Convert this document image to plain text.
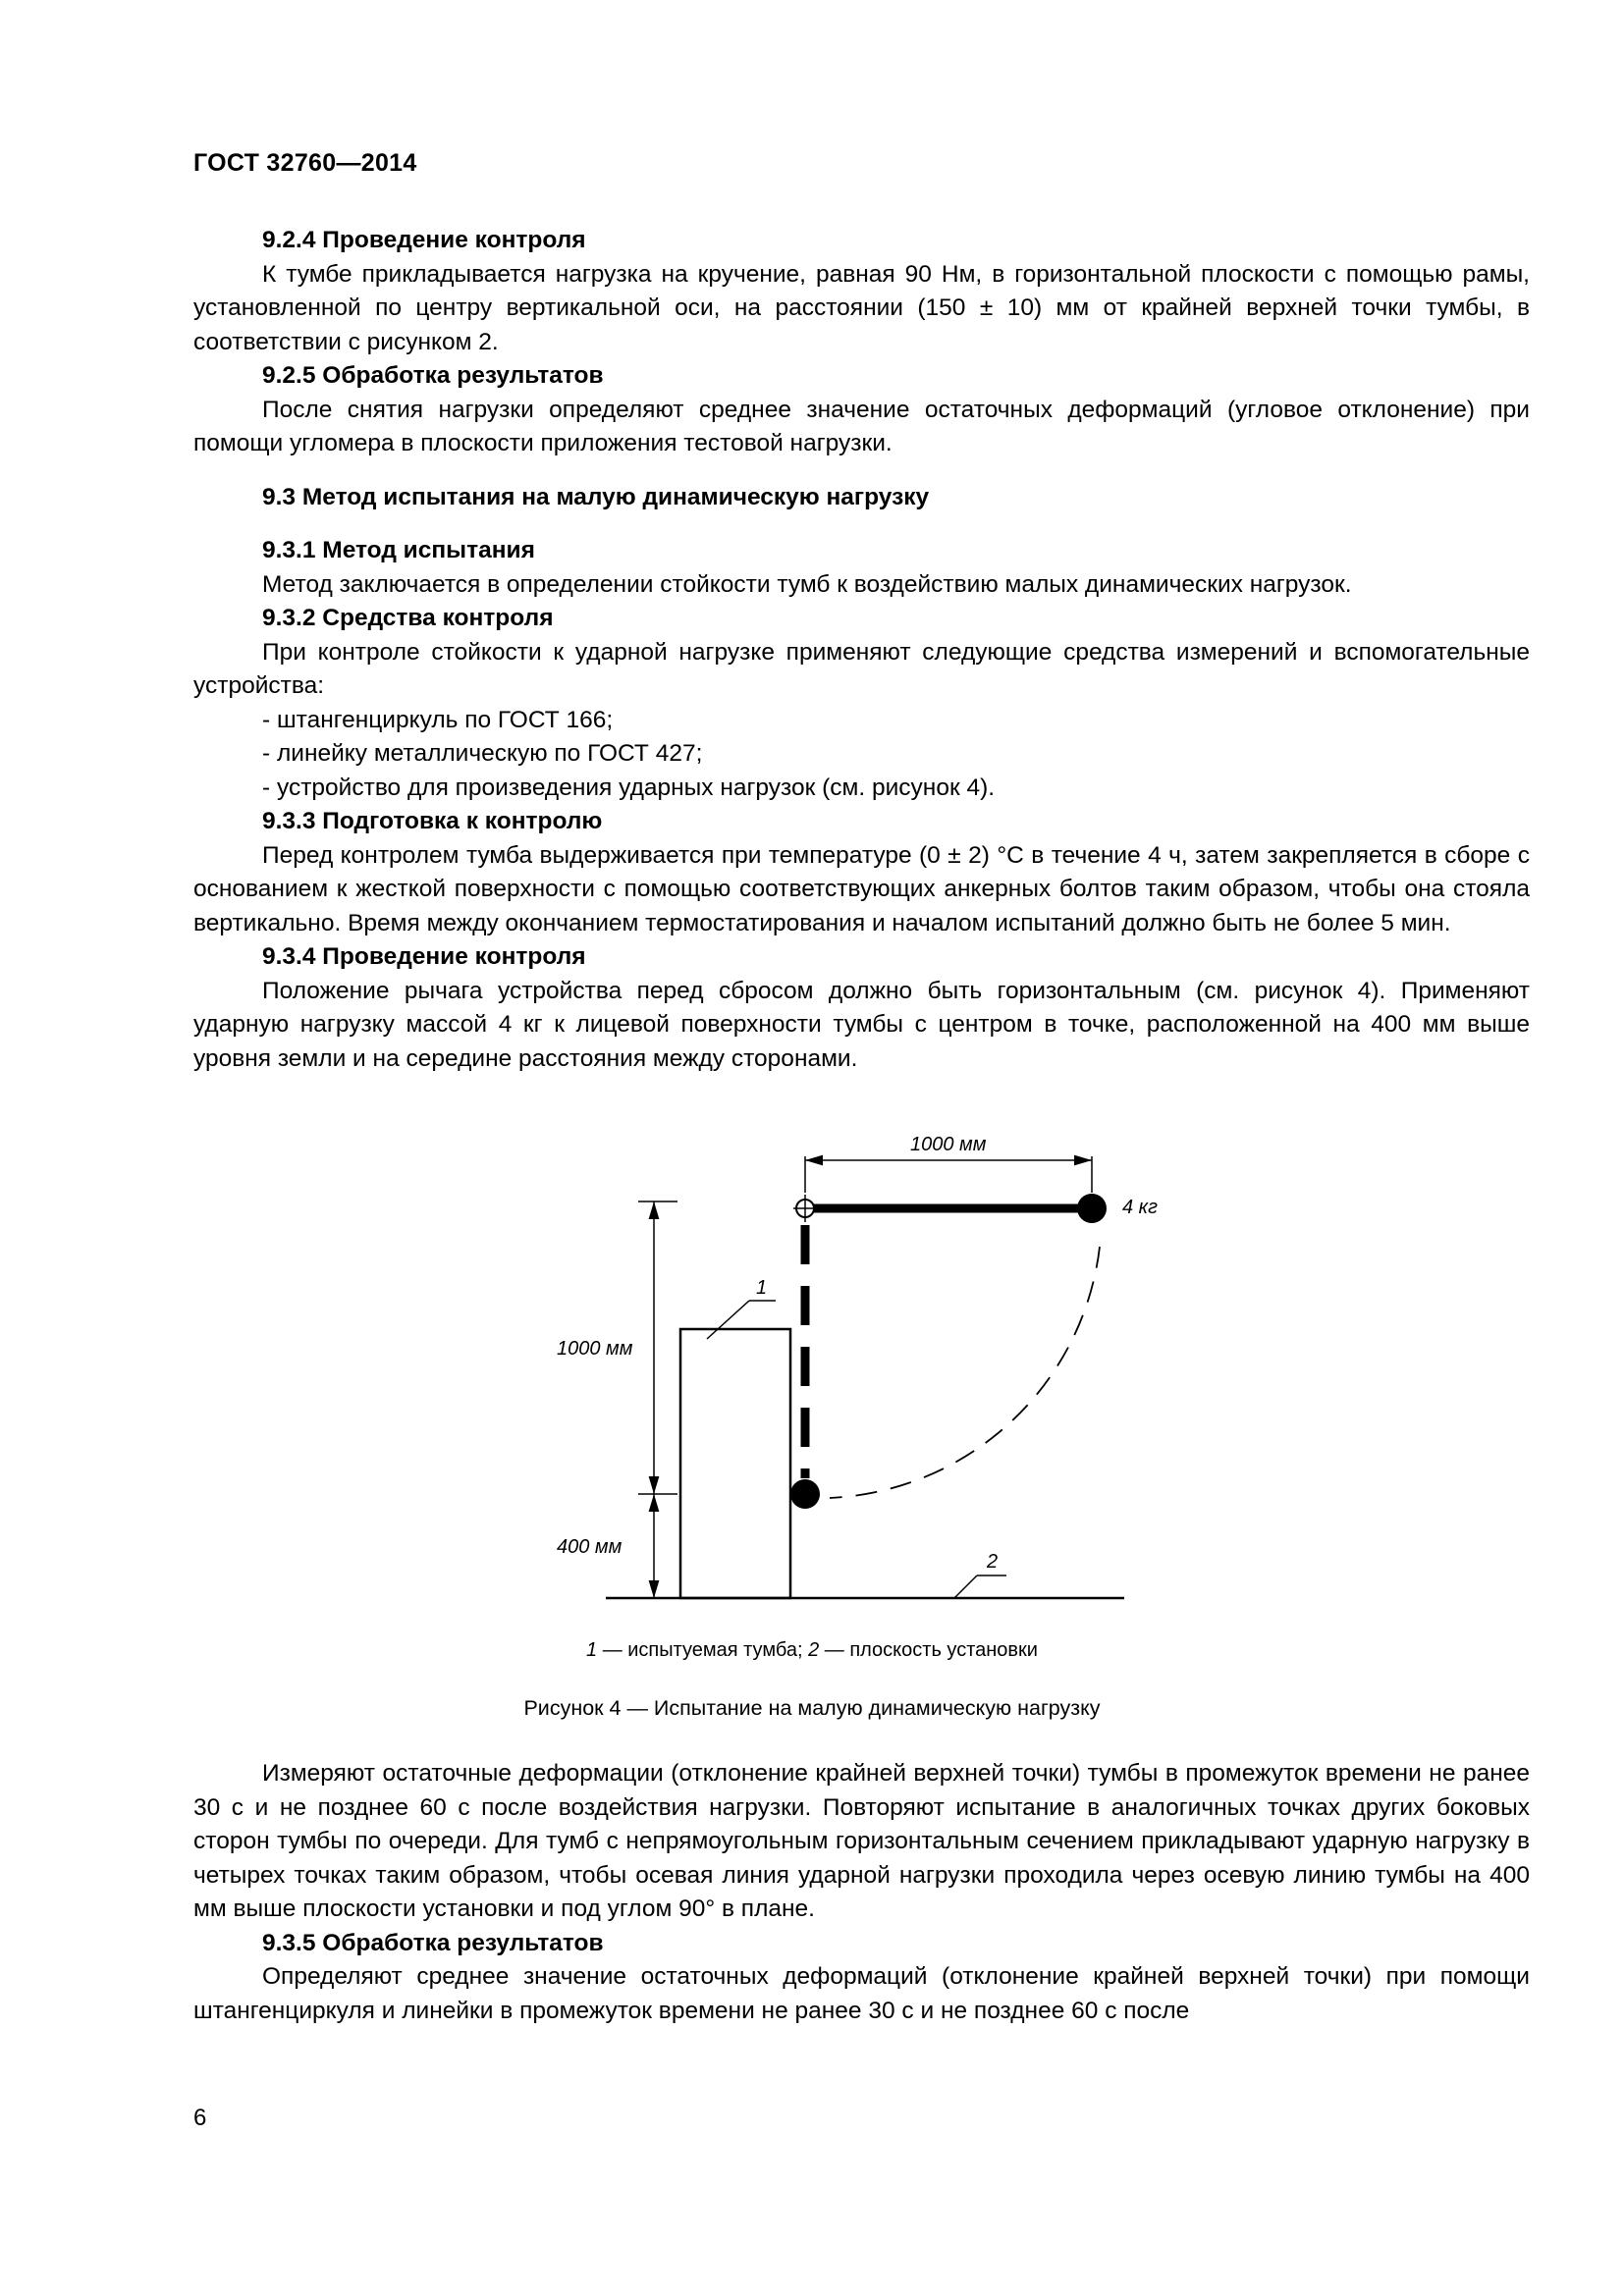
ГОСТ 32760—2014

9.2.4 Проведение контроля

К тумбе прикладывается нагрузка на кручение, равная 90 Нм, в горизонтальной плоскости с помощью рамы, установленной по центру вертикальной оси, на расстоянии (150 ± 10) мм от крайней верхней точки тумбы, в соответствии с рисунком 2.

9.2.5 Обработка результатов

После снятия нагрузки определяют среднее значение остаточных деформаций (угловое отклонение) при помощи угломера в плоскости приложения тестовой нагрузки.

9.3 Метод испытания на малую динамическую нагрузку

9.3.1 Метод испытания

Метод заключается в определении стойкости тумб к воздействию малых динамических нагрузок.

9.3.2 Средства контроля

При контроле стойкости к ударной нагрузке применяют следующие средства измерений и вспомогательные устройства:

- штангенциркуль по ГОСТ 166;

- линейку металлическую по ГОСТ 427;

- устройство для произведения ударных нагрузок (см. рисунок 4).

9.3.3 Подготовка к контролю

Перед контролем тумба выдерживается при температуре (0 ± 2) °С в течение 4 ч, затем закрепляется в сборе с основанием к жесткой поверхности с помощью соответствующих анкерных болтов таким образом, чтобы она стояла вертикально. Время между окончанием термостатирования и началом испытаний должно быть не более 5 мин.

9.3.4 Проведение контроля

Положение рычага устройства перед сбросом должно быть горизонтальным (см. рисунок 4). Применяют ударную нагрузку массой 4 кг к лицевой поверхности тумбы с центром в точке, расположенной на 400 мм выше уровня земли и на середине расстояния между сторонами.

1
2
4 кг
1000 мм
1000 мм
400 мм
1 — испытуемая тумба; 2 — плоскость установки
Рисунок 4 — Испытание на малую динамическую нагрузку

Измеряют остаточные деформации (отклонение крайней верхней точки) тумбы в промежуток времени не ранее 30 с и не позднее 60 с после воздействия нагрузки. Повторяют испытание в аналогичных точках других боковых сторон тумбы по очереди. Для тумб с непрямоугольным горизонтальным сечением прикладывают ударную нагрузку в четырех точках таким образом, чтобы осевая линия ударной нагрузки проходила через осевую линию тумбы на 400 мм выше плоскости установки и под углом 90° в плане.

9.3.5 Обработка результатов

Определяют среднее значение остаточных деформаций (отклонение крайней верхней точки) при помощи штангенциркуля и линейки в промежуток времени не ранее 30 с и не позднее 60 с после

6
